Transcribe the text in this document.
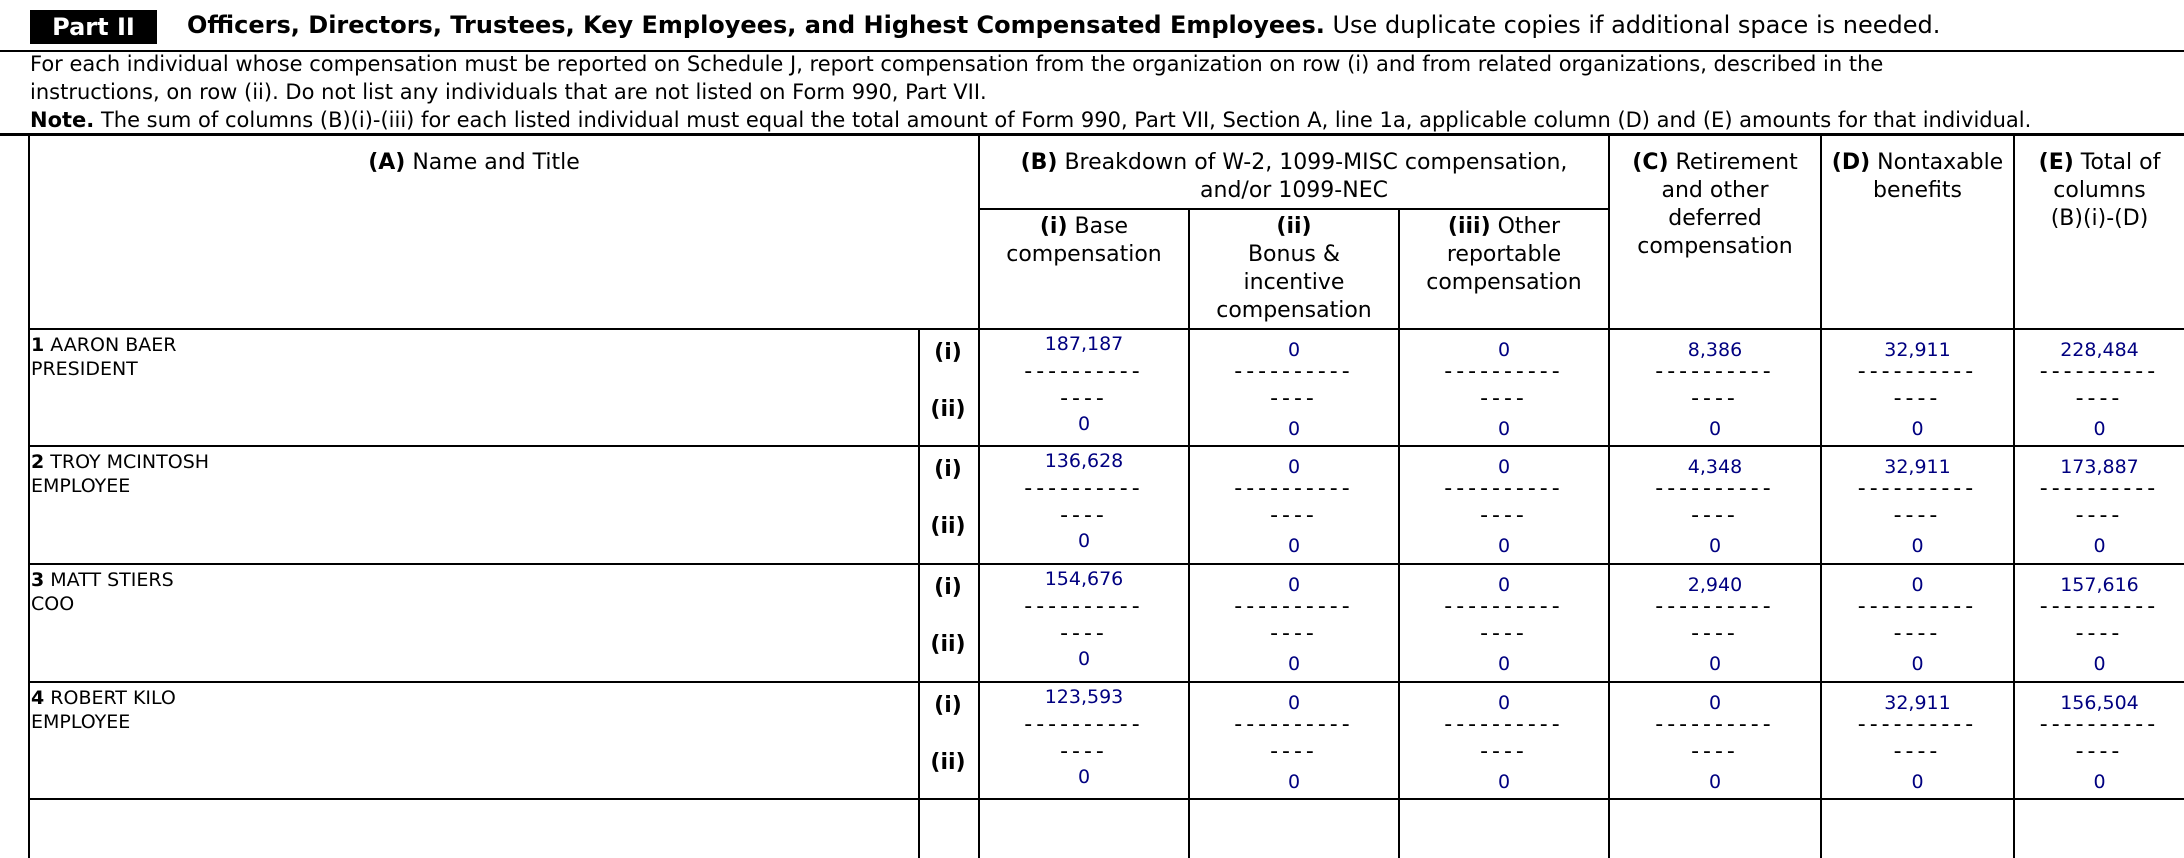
Part II	Officers, Directors, Trustees, Key Employees, and Highest Compensated Employees. Use duplicate copies if additional space is needed.
For each individual whose compensation must be reported on Schedule J, report compensation from the organization on row (i) and from related organizations, described in the
instructions, on row (ii). Do not list any individuals that are not listed on Form 990, Part VII.
Note. The sum of columns (B)(i)-(iii) for each listed individual must equal the total amount of Form 990, Part VII, Section A, line 1a, applicable column (D) and (E) amounts for that individual.
(A) Name and Title	(B) Breakdown of W-2, 1099-MISC compensation,
and/or 1099-NEC
(i) Base
compensation
(ii)
Bonus &
incentive
compensation
(iii) Other
reportable
compensation
(C) Retirement
and other
deferred
compensation
(D) Nontaxable
benefits
(E) Total of
columns
(B)(i)-(D)
1 AARON BAER
PRESIDENT
(i)
(ii)
187,187
----------
----
0
0
----------
----
0
0
----------
----
0
8,386
----------
----
0
32,911
----------
----
0
228,484
----------
----
0
2 TROY MCINTOSH
EMPLOYEE
(i)
(ii)
136,628
----------
----
0
0
----------
----
0
0
----------
----
0
4,348
----------
----
0
32,911
----------
----
0
173,887
----------
----
0
3 MATT STIERS
COO
(i)
(ii)
154,676
----------
----
0
0
----------
----
0
0
----------
----
0
2,940
----------
----
0
0
----------
----
0
157,616
----------
----
0
4 ROBERT KILO
EMPLOYEE
(i)
(ii)
123,593
----------
----
0
0
----------
----
0
0
----------
----
0
0
----------
----
0
32,911
----------
----
0
156,504
----------
----
0
